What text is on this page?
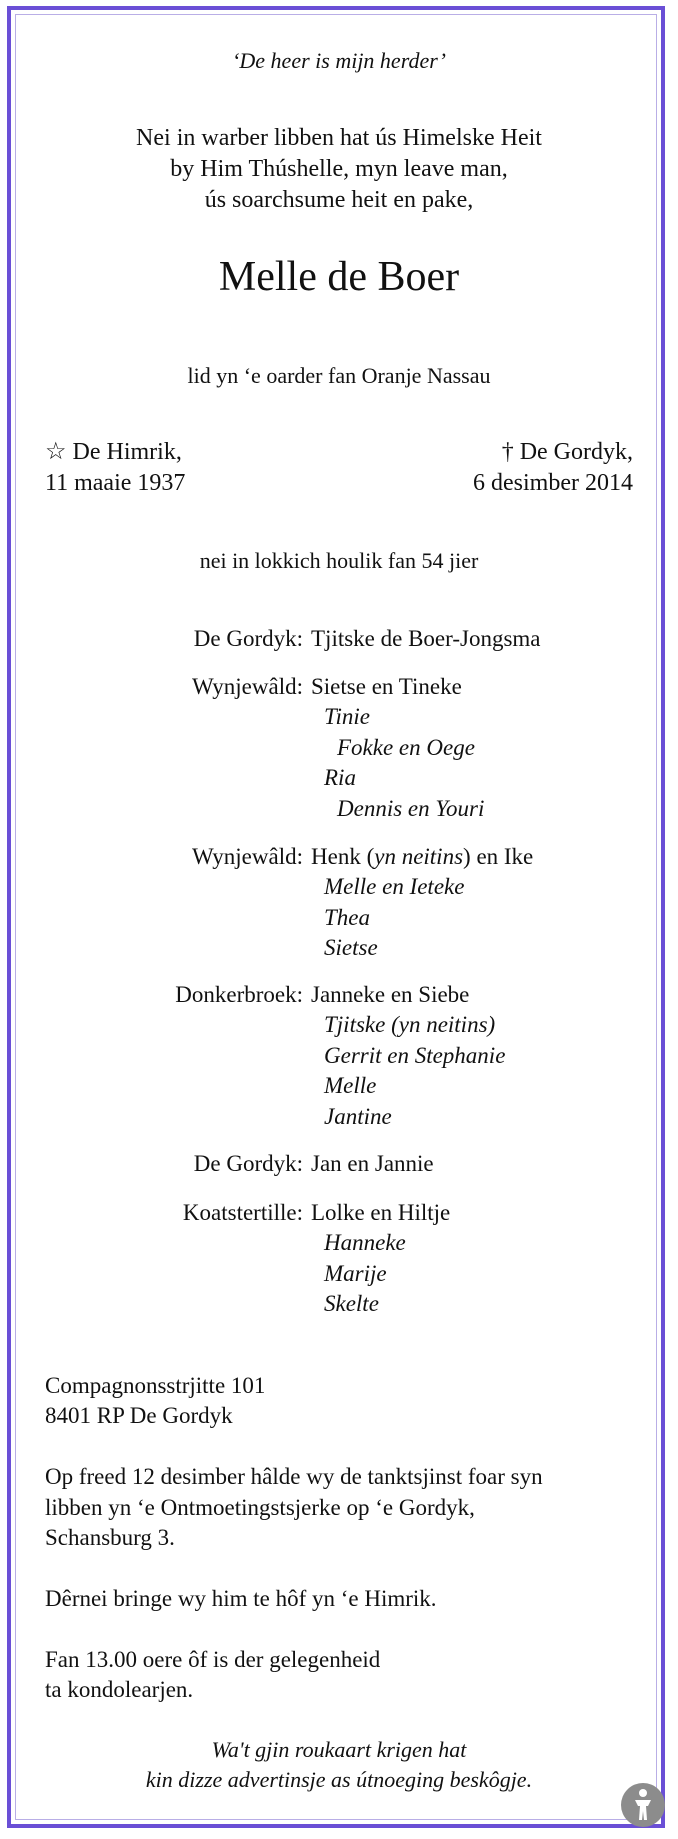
‘De heer is mijn herder’
Nei in warber libben hat ús Himelske Heit
by Him Thúshelle, myn leave man,
ús soarchsume heit en pake,
Melle de Boer
lid yn ‘e oarder fan Oranje Nassau
☆ De Himrik,
11 maaie 1937
† De Gordyk,
6 desimber 2014
nei in lokkich houlik fan 54 jier
De Gordyk: Tjitske de Boer-Jongsma
Wynjewâld: Sietse en Tineke
Tinie
Fokke en Oege
Ria
Dennis en Youri
Wynjewâld: Henk (yn neitins) en Ike
Melle en Ieteke
Thea
Sietse
Donkerbroek: Janneke en Siebe
Tjitske (yn neitins)
Gerrit en Stephanie
Melle
Jantine
De Gordyk: Jan en Jannie
Koatstertille: Lolke en Hiltje
Hanneke
Marije
Skelte
Compagnonsstrjitte 101
8401 RP De Gordyk
Op freed 12 desimber hâlde wy de tanktsjinst foar syn
libben yn ‘e Ontmoetingstsjerke op ‘e Gordyk,
Schansburg 3.
Dêrnei bringe wy him te hôf yn ‘e Himrik.
Fan 13.00 oere ôf is der gelegenheid
ta kondolearjen.
Wa't gjin roukaart krigen hat
kin dizze advertinsje as útnoeging beskôgje.
